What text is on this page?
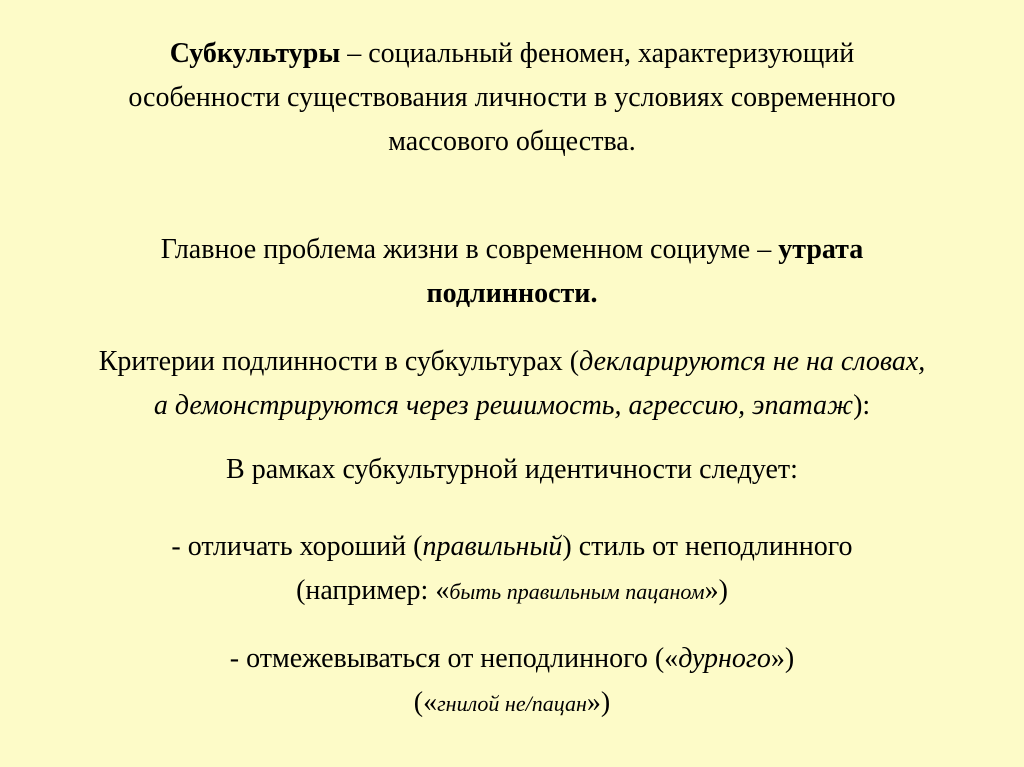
Субкультуры – социальный феномен, характеризующий
особенности существования личности в условиях современного
массового общества.
Главное проблема жизни в современном социуме – утрата
подлинности.
Критерии подлинности в субкультурах (декларируются не на словах,
а демонстрируются через решимость, агрессию, эпатаж):
В рамках субкультурной идентичности следует:
- отличать хороший (правильный) стиль от неподлинного
(например: «быть правильным пацаном»)
- отмежевываться от неподлинного («дурного»)
(«гнилой не/пацан»)
